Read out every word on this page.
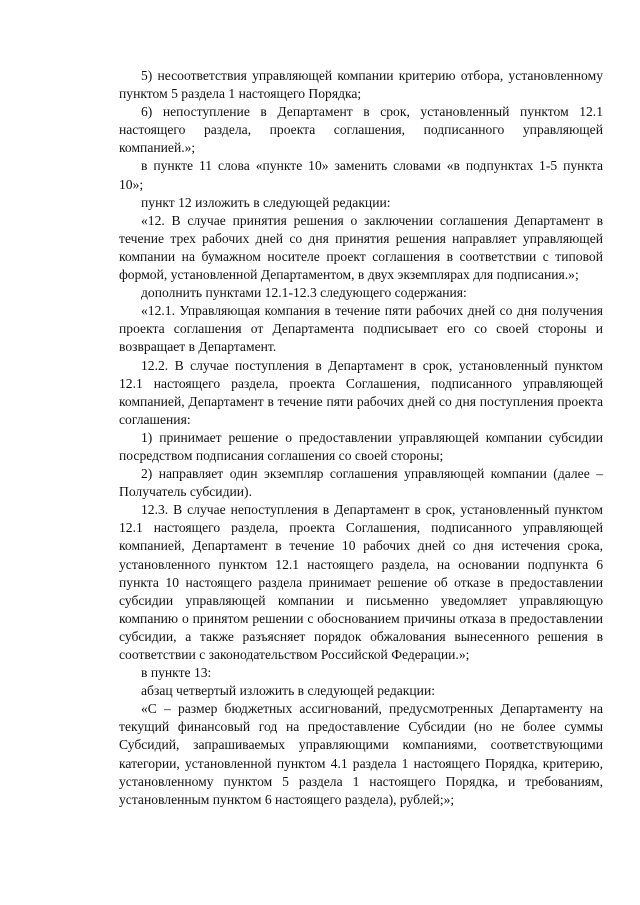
5) несоответствия управляющей компании критерию отбора, установленному пунктом 5 раздела 1 настоящего Порядка;

6) непоступление в Департамент в срок, установленный пунктом 12.1 настоящего раздела, проекта соглашения, подписанного управляющей компанией.»;

в пункте 11 слова «пункте 10» заменить словами «в подпунктах 1-5 пункта 10»;

пункт 12 изложить в следующей редакции:

«12. В случае принятия решения о заключении соглашения Департамент в течение трех рабочих дней со дня принятия решения направляет управляющей компании на бумажном носителе проект соглашения в соответствии с типовой формой, установленной Департаментом, в двух экземплярах для подписания.»;

дополнить пунктами 12.1-12.3 следующего содержания:

«12.1. Управляющая компания в течение пяти рабочих дней со дня получения проекта соглашения от Департамента подписывает его со своей стороны и возвращает в Департамент.

12.2. В случае поступления в Департамент в срок, установленный пунктом 12.1 настоящего раздела, проекта Соглашения, подписанного управляющей компанией, Департамент в течение пяти рабочих дней со дня поступления проекта соглашения:

1) принимает решение о предоставлении управляющей компании субсидии посредством подписания соглашения со своей стороны;

2) направляет один экземпляр соглашения управляющей компании (далее – Получатель субсидии).

12.3. В случае непоступления в Департамент в срок, установленный пунктом 12.1 настоящего раздела, проекта Соглашения, подписанного управляющей компанией, Департамент в течение 10 рабочих дней со дня истечения срока, установленного пунктом 12.1 настоящего раздела, на основании подпункта 6 пункта 10 настоящего раздела принимает решение об отказе в предоставлении субсидии управляющей компании и письменно уведомляет управляющую компанию о принятом решении с обоснованием причины отказа в предоставлении субсидии, а также разъясняет порядок обжалования вынесенного решения в соответствии с законодательством Российской Федерации.»;

в пункте 13:

абзац четвертый изложить в следующей редакции:

«С – размер бюджетных ассигнований, предусмотренных Департаменту на текущий финансовый год на предоставление Субсидии (но не более суммы Субсидий, запрашиваемых управляющими компаниями, соответствующими категории, установленной пунктом 4.1 раздела 1 настоящего Порядка, критерию, установленному пунктом 5 раздела 1 настоящего Порядка, и требованиям, установленным пунктом 6 настоящего раздела), рублей;»;
